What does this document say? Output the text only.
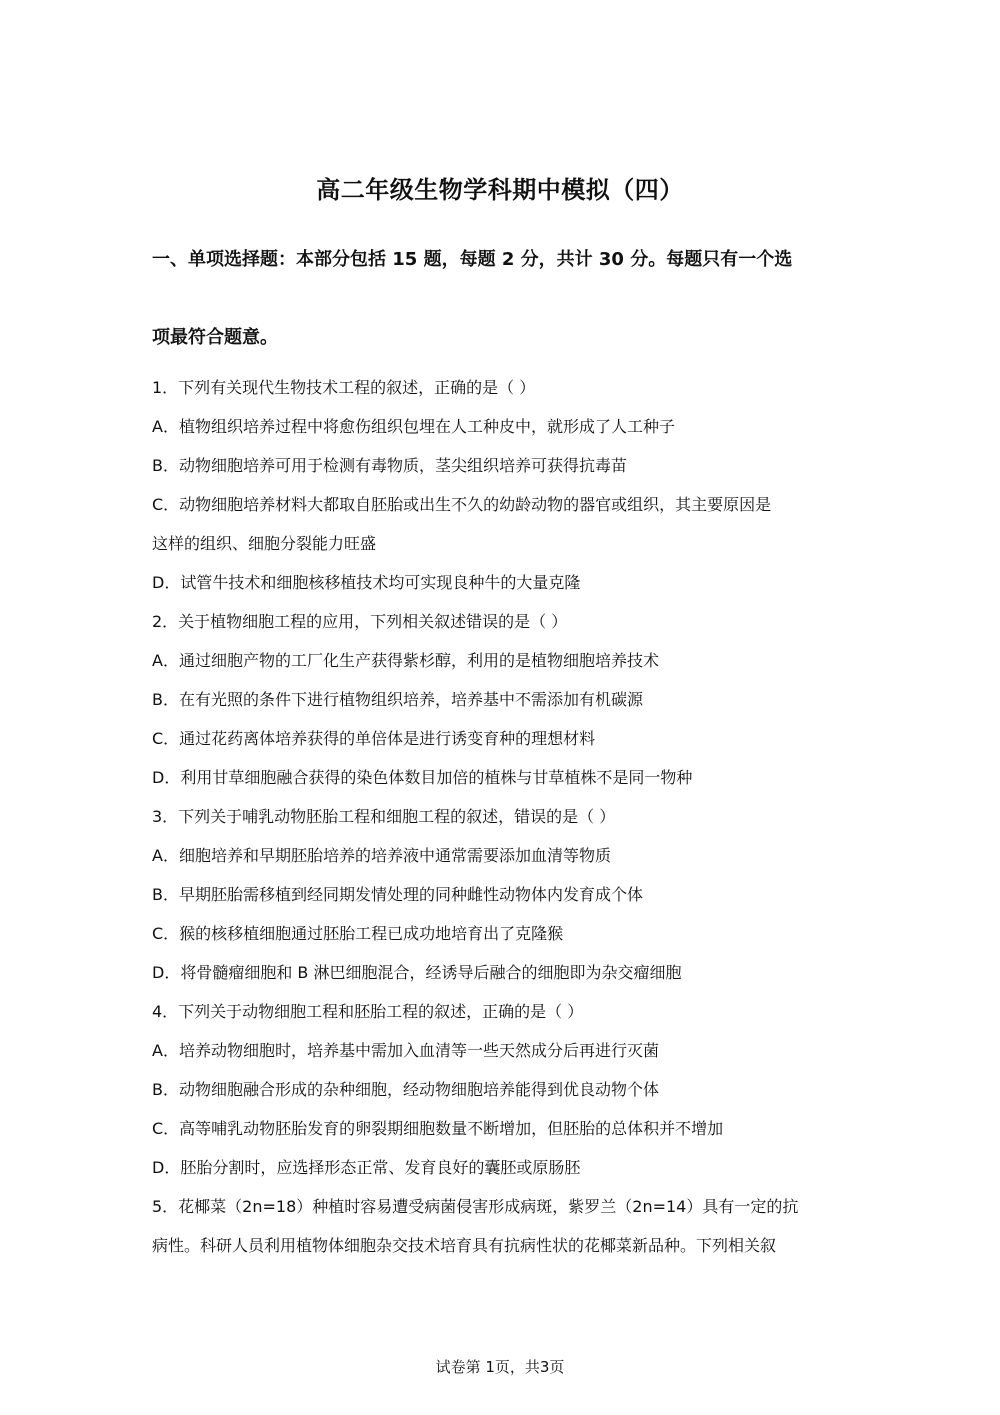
高二年级生物学科期中模拟（四）
一、单项选择题：本部分包括 15 题，每题 2 分，共计 30 分。每题只有一个选
项最符合题意。
1．下列有关现代生物技术工程的叙述，正确的是（ ）
A．植物组织培养过程中将愈伤组织包埋在人工种皮中，就形成了人工种子
B．动物细胞培养可用于检测有毒物质，茎尖组织培养可获得抗毒苗
C．动物细胞培养材料大都取自胚胎或出生不久的幼龄动物的器官或组织，其主要原因是
这样的组织、细胞分裂能力旺盛
D．试管牛技术和细胞核移植技术均可实现良种牛的大量克隆
2．关于植物细胞工程的应用，下列相关叙述错误的是（ ）
A．通过细胞产物的工厂化生产获得紫杉醇，利用的是植物细胞培养技术
B．在有光照的条件下进行植物组织培养，培养基中不需添加有机碳源
C．通过花药离体培养获得的单倍体是进行诱变育种的理想材料
D．利用甘草细胞融合获得的染色体数目加倍的植株与甘草植株不是同一物种
3．下列关于哺乳动物胚胎工程和细胞工程的叙述，错误的是（ ）
A．细胞培养和早期胚胎培养的培养液中通常需要添加血清等物质
B．早期胚胎需移植到经同期发情处理的同种雌性动物体内发育成个体
C．猴的核移植细胞通过胚胎工程已成功地培育出了克隆猴
D．将骨髓瘤细胞和 B 淋巴细胞混合，经诱导后融合的细胞即为杂交瘤细胞
4．下列关于动物细胞工程和胚胎工程的叙述，正确的是（ ）
A．培养动物细胞时，培养基中需加入血清等一些天然成分后再进行灭菌
B．动物细胞融合形成的杂种细胞，经动物细胞培养能得到优良动物个体
C．高等哺乳动物胚胎发育的卵裂期细胞数量不断增加，但胚胎的总体积并不增加
D．胚胎分割时，应选择形态正常、发育良好的囊胚或原肠胚
5．花椰菜（2n=18）种植时容易遭受病菌侵害形成病斑，紫罗兰（2n=14）具有一定的抗
病性。科研人员利用植物体细胞杂交技术培育具有抗病性状的花椰菜新品种。下列相关叙
试卷第 1页，共3页
